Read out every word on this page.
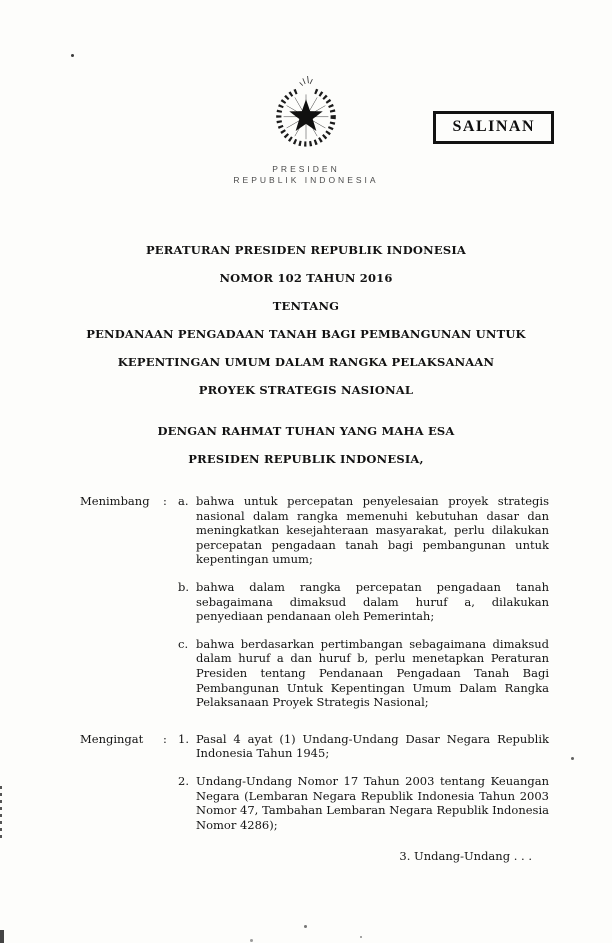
SALINAN
PRESIDEN
REPUBLIK INDONESIA
PERATURAN PRESIDEN REPUBLIK INDONESIA
NOMOR 102 TAHUN 2016
TENTANG
PENDANAAN PENGADAAN TANAH BAGI PEMBANGUNAN UNTUK
KEPENTINGAN UMUM DALAM RANGKA PELAKSANAAN
PROYEK STRATEGIS NASIONAL
DENGAN RAHMAT TUHAN YANG MAHA ESA
PRESIDEN REPUBLIK INDONESIA,
Menimbang	: a. bahwa untuk percepatan penyelesaian proyek strategis nasional dalam rangka memenuhi kebutuhan dasar dan meningkatkan kesejahteraan masyarakat, perlu dilakukan percepatan pengadaan tanah bagi pembangunan untuk kepentingan umum;
b. bahwa dalam rangka percepatan pengadaan tanah sebagaimana dimaksud dalam huruf a, dilakukan penyediaan pendanaan oleh Pemerintah;
c. bahwa berdasarkan pertimbangan sebagaimana dimaksud dalam huruf a dan huruf b, perlu menetapkan Peraturan Presiden tentang Pendanaan Pengadaan Tanah Bagi Pembangunan Untuk Kepentingan Umum Dalam Rangka Pelaksanaan Proyek Strategis Nasional;
Mengingat	: 1. Pasal 4 ayat (1) Undang-Undang Dasar Negara Republik Indonesia Tahun 1945;
2. Undang-Undang Nomor 17 Tahun 2003 tentang Keuangan Negara (Lembaran Negara Republik Indonesia Tahun 2003 Nomor 47, Tambahan Lembaran Negara Republik Indonesia Nomor 4286);
3. Undang-Undang . . .
